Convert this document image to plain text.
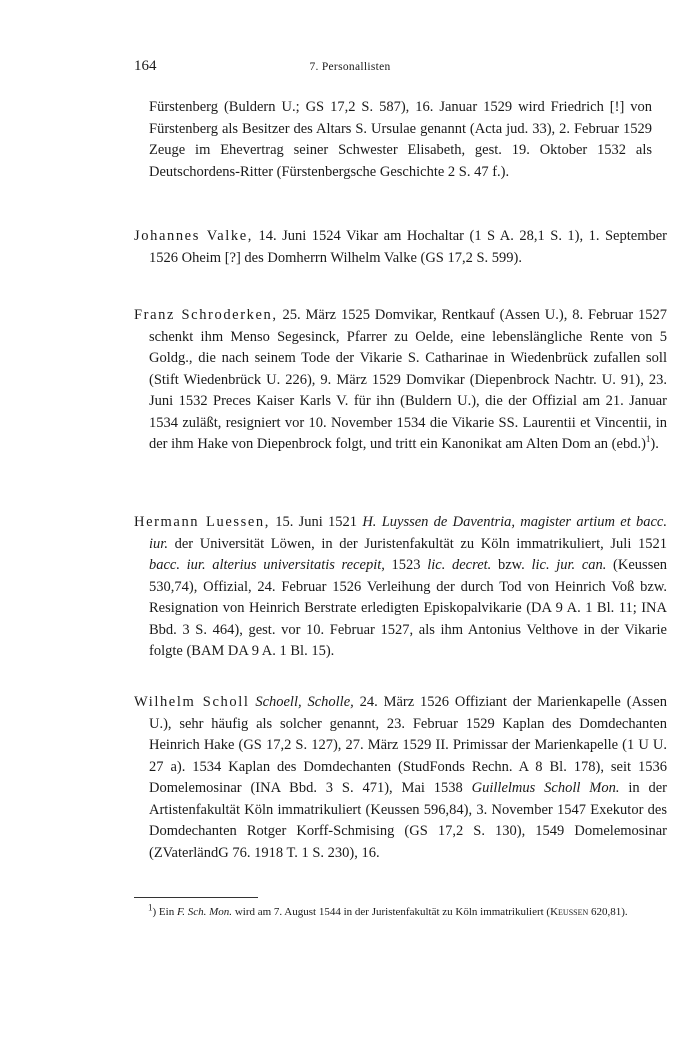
164	7. Personallisten

Fürstenberg (Buldern U.; GS 17,2 S. 587), 16. Januar 1529 wird Friedrich [!] von Fürstenberg als Besitzer des Altars S. Ursulae genannt (Acta jud. 33), 2. Februar 1529 Zeuge im Ehevertrag seiner Schwester Elisabeth, gest. 19. Oktober 1532 als Deutschordens-Ritter (Fürstenbergsche Geschichte 2 S. 47 f.).

Johannes Valke, 14. Juni 1524 Vikar am Hochaltar (1 S A. 28,1 S. 1), 1. September 1526 Oheim [?] des Domherrn Wilhelm Valke (GS 17,2 S. 599).

Franz Schroderken, 25. März 1525 Domvikar, Rentkauf (Assen U.), 8. Februar 1527 schenkt ihm Menso Segesinck, Pfarrer zu Oelde, eine lebenslängliche Rente von 5 Goldg., die nach seinem Tode der Vikarie S. Catharinae in Wiedenbrück zufallen soll (Stift Wiedenbrück U. 226), 9. März 1529 Domvikar (Diepenbrock Nachtr. U. 91), 23. Juni 1532 Preces Kaiser Karls V. für ihn (Buldern U.), die der Offizial am 21. Januar 1534 zuläßt, resigniert vor 10. November 1534 die Vikarie SS. Laurentii et Vincentii, in der ihm Hake von Diepenbrock folgt, und tritt ein Kanonikat am Alten Dom an $(ebd.)^1$).

Hermann Luessen, 15. Juni 1521 H. Luyssen de Daventria, magister artium et bacc. iur. der Universität Löwen, in der Juristenfakultät zu Köln immatrikuliert, Juli 1521 bacc. iur. alterius universitatis recepit, 1523 lic. decret. bzw. lic. jur. can. (Keussen 530,74), Offizial, 24. Februar 1526 Verleihung der durch Tod von Heinrich Voß bzw. Resignation von Heinrich Berstrate erledigten Episkopalvikarie (DA 9 A. 1 Bl. 11; INA Bbd. 3 S. 464), gest. vor 10. Februar 1527, als ihm Antonius Velthove in der Vikarie folgte (BAM DA 9 A. 1 Bl. 15).

Wilhelm Scholl Schoell, Scholle, 24. März 1526 Offiziant der Marienkapelle (Assen U.), sehr häufig als solcher genannt, 23. Februar 1529 Kaplan des Domdechanten Heinrich Hake (GS 17,2 S. 127), 27. März 1529 II. Primissar der Marienkapelle (1 U U. 27 a). 1534 Kaplan des Domdechanten (StudFonds Rechn. A 8 Bl. 178), seit 1536 Domelemosinar (INA Bbd. 3 S. 471), Mai 1538 Guillelmus Scholl Mon. in der Artistenfakultät Köln immatrikuliert (Keussen 596,84), 3. November 1547 Exekutor des Domdechanten Rotger Korff-Schmising (GS 17,2 S. 130), 1549 Domelemosinar (ZVaterländG 76. 1918 T. 1 S. 230), 16.

$^1$) Ein F. Sch. Mon. wird am 7. August 1544 in der Juristenfakultät zu Köln immatrikuliert (Keussen 620,81).
